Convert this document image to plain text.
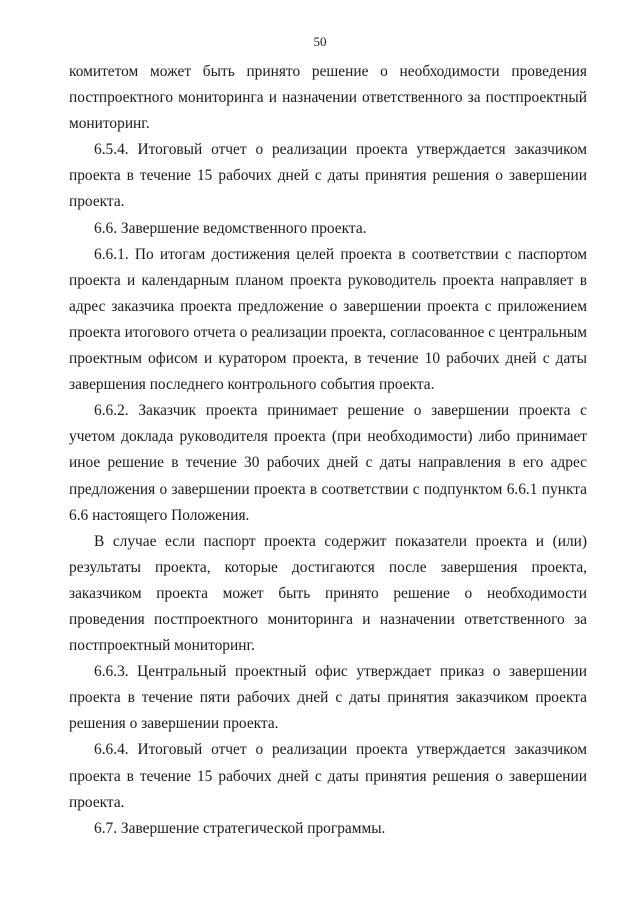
50

комитетом может быть принято решение о необходимости проведения постпроектного мониторинга и назначении ответственного за постпроектный мониторинг.

6.5.4. Итоговый отчет о реализации проекта утверждается заказчиком проекта в течение 15 рабочих дней с даты принятия решения о завершении проекта.

6.6. Завершение ведомственного проекта.

6.6.1. По итогам достижения целей проекта в соответствии с паспортом проекта и календарным планом проекта руководитель проекта направляет в адрес заказчика проекта предложение о завершении проекта с приложением проекта итогового отчета о реализации проекта, согласованное с центральным проектным офисом и куратором проекта, в течение 10 рабочих дней с даты завершения последнего контрольного события проекта.

6.6.2. Заказчик проекта принимает решение о завершении проекта с учетом доклада руководителя проекта (при необходимости) либо принимает иное решение в течение 30 рабочих дней с даты направления в его адрес предложения о завершении проекта в соответствии с подпунктом 6.6.1 пункта 6.6 настоящего Положения.

В случае если паспорт проекта содержит показатели проекта и (или) результаты проекта, которые достигаются после завершения проекта, заказчиком проекта может быть принято решение о необходимости проведения постпроектного мониторинга и назначении ответственного за постпроектный мониторинг.

6.6.3. Центральный проектный офис утверждает приказ о завершении проекта в течение пяти рабочих дней с даты принятия заказчиком проекта решения о завершении проекта.

6.6.4. Итоговый отчет о реализации проекта утверждается заказчиком проекта в течение 15 рабочих дней с даты принятия решения о завершении проекта.

6.7. Завершение стратегической программы.
